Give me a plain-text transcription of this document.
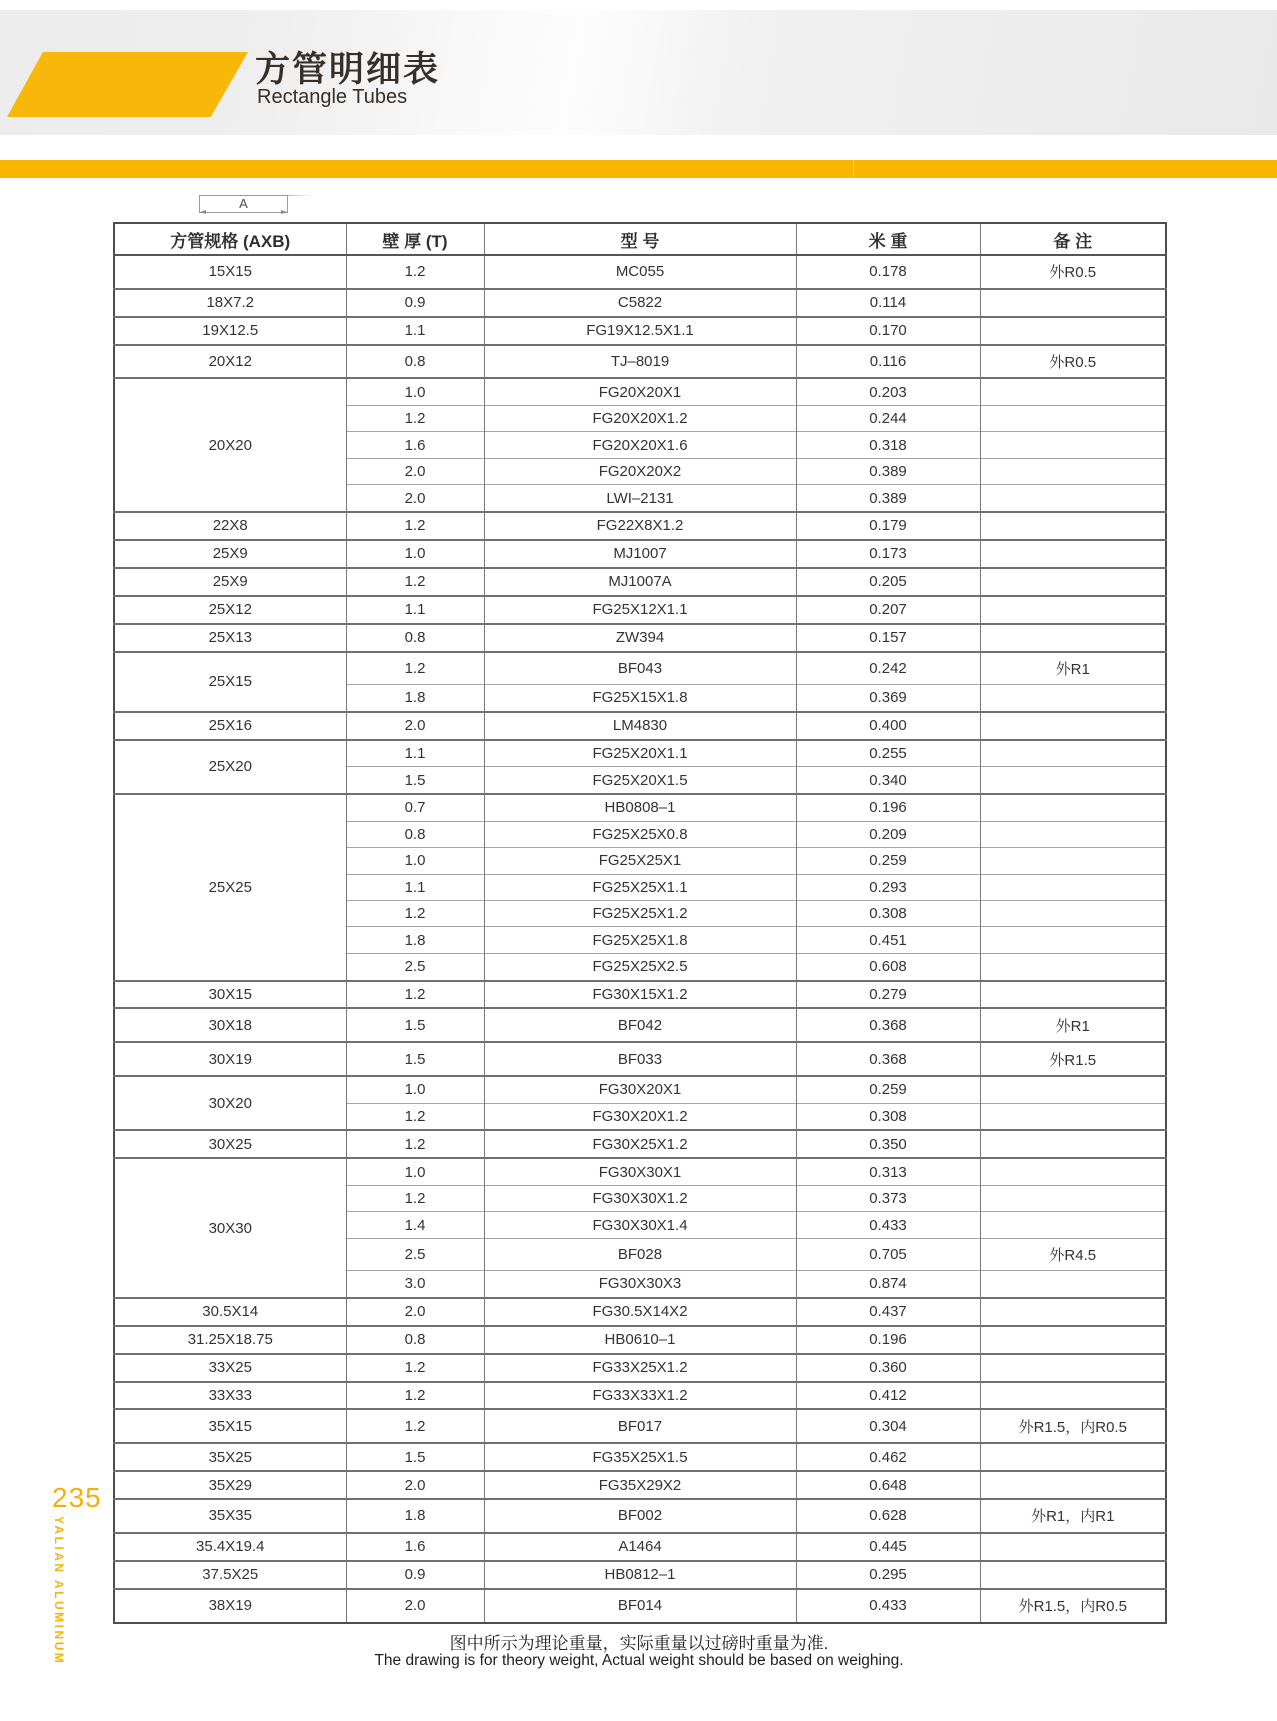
方管明细表
Rectangle Tubes
A
方管规格 (AXB)	壁 厚 (T)	型 号	米 重	备 注
15X15	1.2	MC055	0.178	外R0.5
18X7.2	0.9	C5822	0.114	
19X12.5	1.1	FG19X12.5X1.1	0.170	
20X12	0.8	TJ–8019	0.116	外R0.5
20X20	1.0	FG20X20X1	0.203	
	1.2	FG20X20X1.2	0.244	
	1.6	FG20X20X1.6	0.318	
	2.0	FG20X20X2	0.389	
	2.0	LWI–2131	0.389	
22X8	1.2	FG22X8X1.2	0.179	
25X9	1.0	MJ1007	0.173	
25X9	1.2	MJ1007A	0.205	
25X12	1.1	FG25X12X1.1	0.207	
25X13	0.8	ZW394	0.157	
25X15	1.2	BF043	0.242	外R1
	1.8	FG25X15X1.8	0.369	
25X16	2.0	LM4830	0.400	
25X20	1.1	FG25X20X1.1	0.255	
	1.5	FG25X20X1.5	0.340	
25X25	0.7	HB0808–1	0.196	
	0.8	FG25X25X0.8	0.209	
	1.0	FG25X25X1	0.259	
	1.1	FG25X25X1.1	0.293	
	1.2	FG25X25X1.2	0.308	
	1.8	FG25X25X1.8	0.451	
	2.5	FG25X25X2.5	0.608	
30X15	1.2	FG30X15X1.2	0.279	
30X18	1.5	BF042	0.368	外R1
30X19	1.5	BF033	0.368	外R1.5
30X20	1.0	FG30X20X1	0.259	
	1.2	FG30X20X1.2	0.308	
30X25	1.2	FG30X25X1.2	0.350	
30X30	1.0	FG30X30X1	0.313	
	1.2	FG30X30X1.2	0.373	
	1.4	FG30X30X1.4	0.433	
	2.5	BF028	0.705	外R4.5
	3.0	FG30X30X3	0.874	
30.5X14	2.0	FG30.5X14X2	0.437	
31.25X18.75	0.8	HB0610–1	0.196	
33X25	1.2	FG33X25X1.2	0.360	
33X33	1.2	FG33X33X1.2	0.412	
35X15	1.2	BF017	0.304	外R1.5，内R0.5
35X25	1.5	FG35X25X1.5	0.462	
35X29	2.0	FG35X29X2	0.648	
35X35	1.8	BF002	0.628	外R1，内R1
35.4X19.4	1.6	A1464	0.445	
37.5X25	0.9	HB0812–1	0.295	
38X19	2.0	BF014	0.433	外R1.5，内R0.5
图中所示为理论重量，实际重量以过磅时重量为准.
The drawing is for theory weight, Actual weight should be based on weighing.
235
YALIAN ALUMINUM
